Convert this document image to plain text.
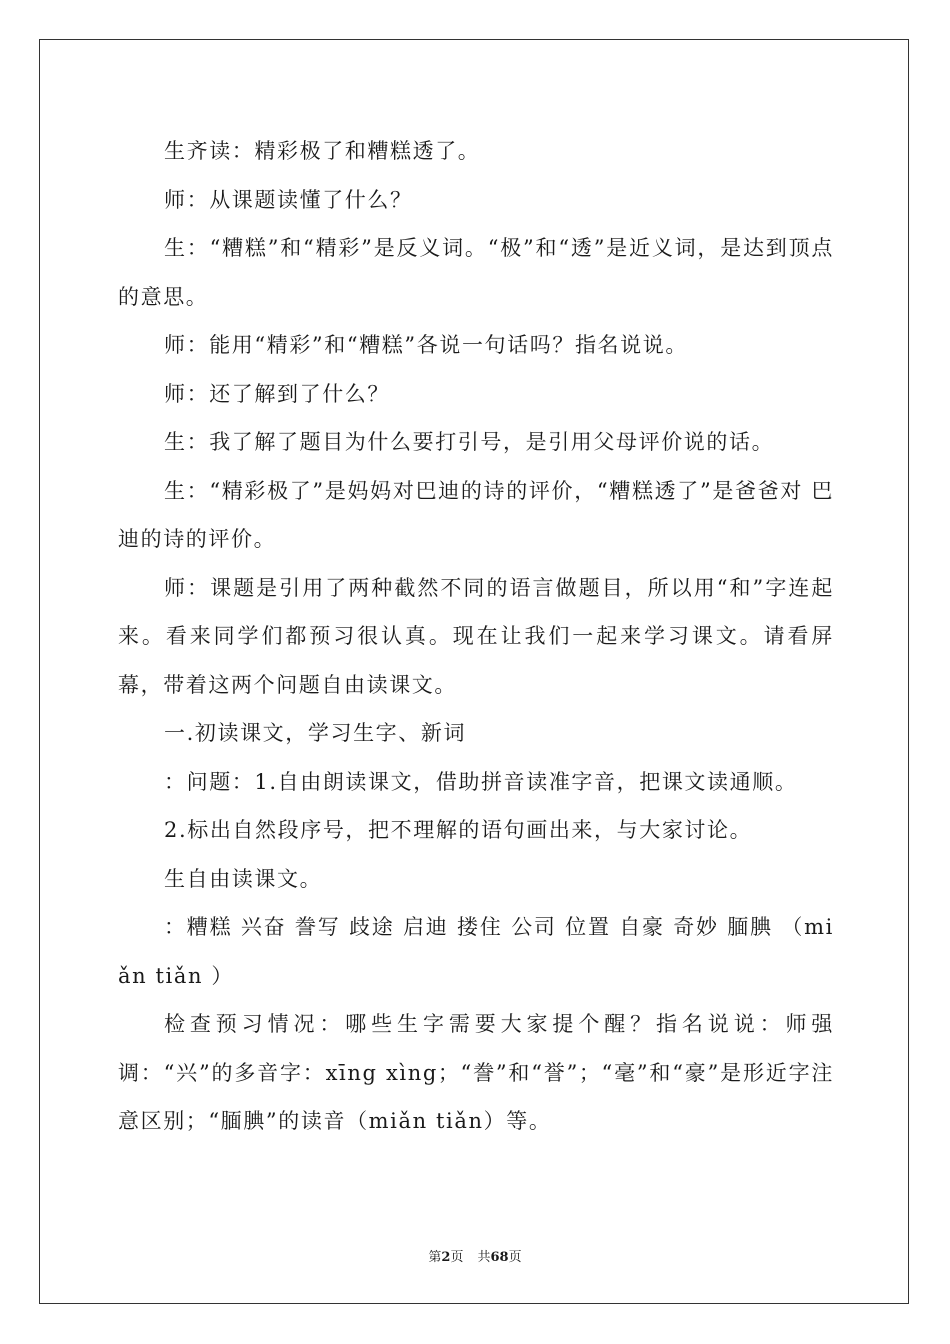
生齐读：精彩极了和糟糕透了。

师：从课题读懂了什么？

生：“糟糕”和“精彩”是反义词。“极”和“透”是近义词，是达到顶点的意思。

师：能用“精彩”和“糟糕”各说一句话吗？指名说说。

师：还了解到了什么？

生：我了解了题目为什么要打引号，是引用父母评价说的话。

生：“精彩极了”是妈妈对巴迪的诗的评价，“糟糕透了”是爸爸对 巴迪的诗的评价。

师：课题是引用了两种截然不同的语言做题目，所以用“和”字连起来。看来同学们都预习很认真。现在让我们一起来学习课文。请看屏幕，带着这两个问题自由读课文。

一.初读课文，学习生字、新词

：问题：1.自由朗读课文，借助拼音读准字音，把课文读通顺。

2.标出自然段序号，把不理解的语句画出来，与大家讨论。

生自由读课文。

：糟糕 兴奋 誊写 歧途 启迪 搂住 公司 位置 自豪 奇妙 腼腆 （miǎn tiǎn ）

检查预习情况：哪些生字需要大家提个醒？指名说说：师强调：“兴”的多音字：xīng xìng；“誊”和“誉”；“毫”和“豪”是形近字注意区别；“腼腆”的读音（miǎn tiǎn）等。

第2页 共68页
